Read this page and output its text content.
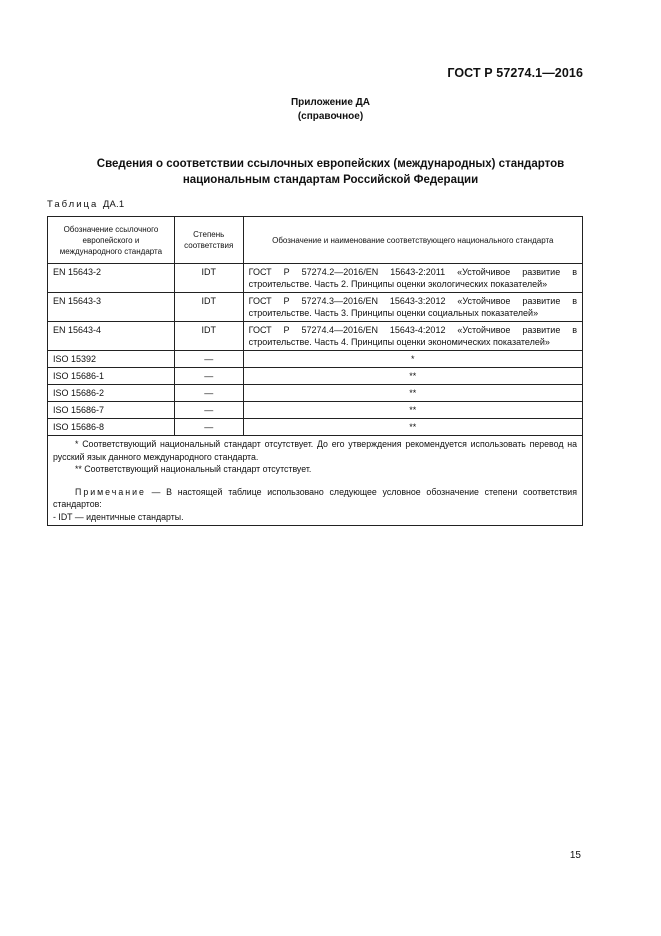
ГОСТ Р 57274.1—2016
Приложение ДА
(справочное)
Сведения о соответствии ссылочных европейских (международных) стандартов
национальным стандартам Российской Федерации
Таблица ДА.1
Обозначение ссылочного европейского и международного стандарта	Степень соответствия	Обозначение и наименование соответствующего национального стандарта
EN 15643-2	IDT	ГОСТ Р 57274.2—2016/EN 15643-2:2011 «Устойчивое развитие в строительстве. Часть 2. Принципы оценки экологических показателей»
EN 15643-3	IDT	ГОСТ Р 57274.3—2016/EN 15643-3:2012 «Устойчивое развитие в строительстве. Часть 3. Принципы оценки социальных показателей»
EN 15643-4	IDT	ГОСТ Р 57274.4—2016/EN 15643-4:2012 «Устойчивое развитие в строительстве. Часть 4. Принципы оценки экономических показателей»
ISO 15392	—	*
ISO 15686-1	—	**
ISO 15686-2	—	**
ISO 15686-7	—	**
ISO 15686-8	—	**

* Соответствующий национальный стандарт отсутствует. До его утверждения рекомендуется использовать перевод на русский язык данного международного стандарта.

** Соответствующий национальный стандарт отсутствует.

Примечание — В настоящей таблице использовано следующее условное обозначение степени соответствия стандартов:

- IDT — идентичные стандарты.		

15
